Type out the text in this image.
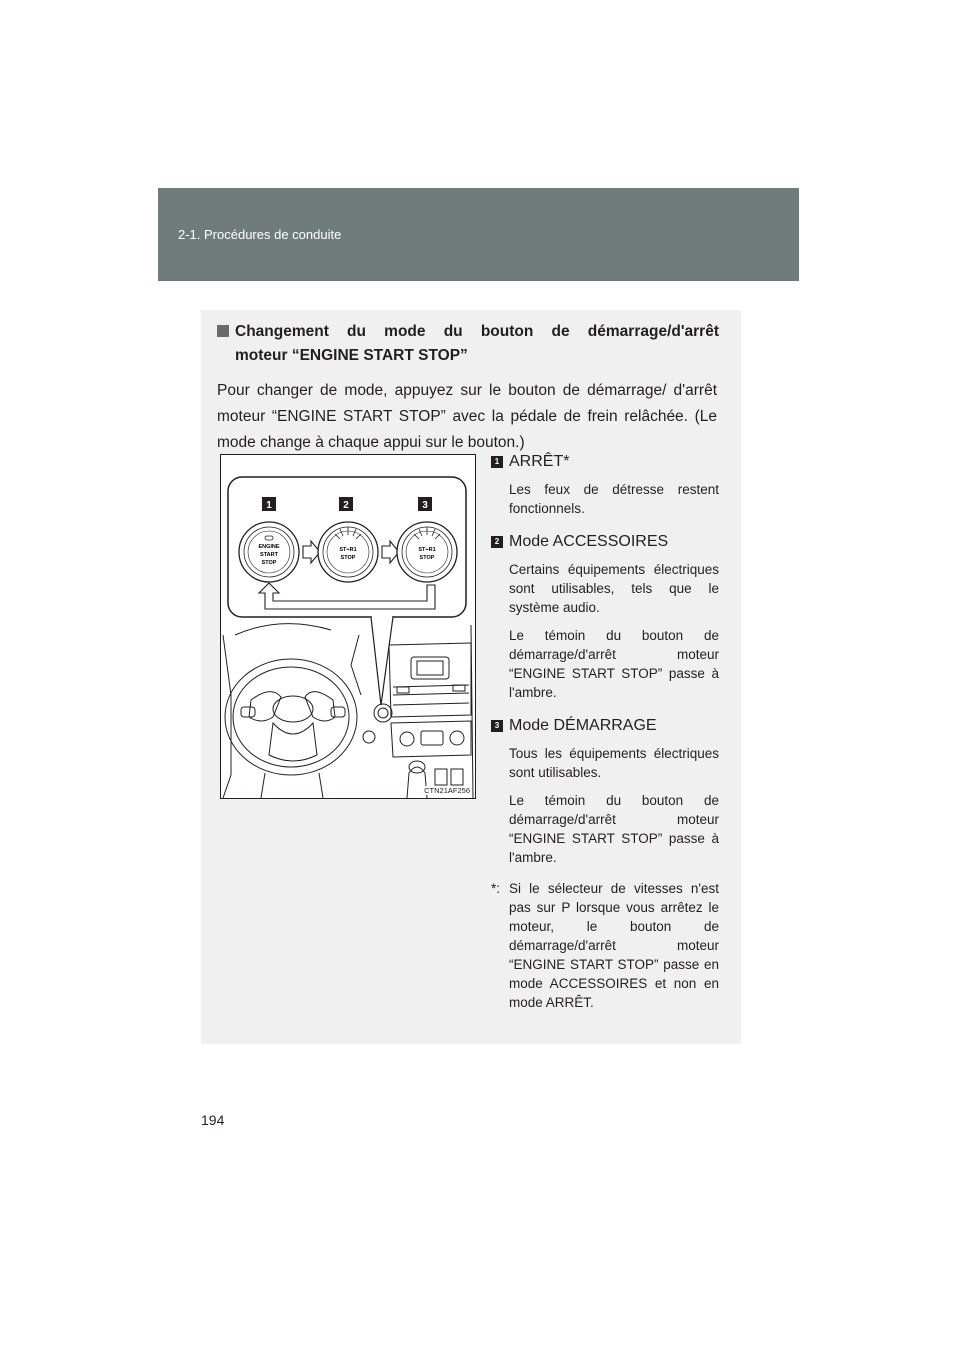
2-1. Procédures de conduite
Changement du mode du bouton de démarrage/d'arrêt
moteur “ENGINE START STOP”
Pour changer de mode, appuyez sur le bouton de démarrage/ d'arrêt moteur “ENGINE START STOP” avec la pédale de frein relâchée. (Le mode change à chaque appui sur le bouton.)
1	2	3
ENGINE
START
STOP
ST⌁R1
STOP
ST⌁R1
STOP
CTN21AF256
1 ARRÊT*
Les feux de détresse restent fonctionnels.
2 Mode ACCESSOIRES
Certains équipements électriques sont utilisables, tels que le système audio.
Le témoin du bouton de démarrage/d'arrêt moteur “ENGINE START STOP” passe à l'ambre.
3 Mode DÉMARRAGE
Tous les équipements électriques sont utilisables.
Le témoin du bouton de démarrage/d'arrêt moteur “ENGINE START STOP” passe à l'ambre.
*: Si le sélecteur de vitesses n'est pas sur P lorsque vous arrêtez le moteur, le bouton de démarrage/d'arrêt moteur “ENGINE START STOP” passe en mode ACCESSOIRES et non en mode ARRÊT.
194
